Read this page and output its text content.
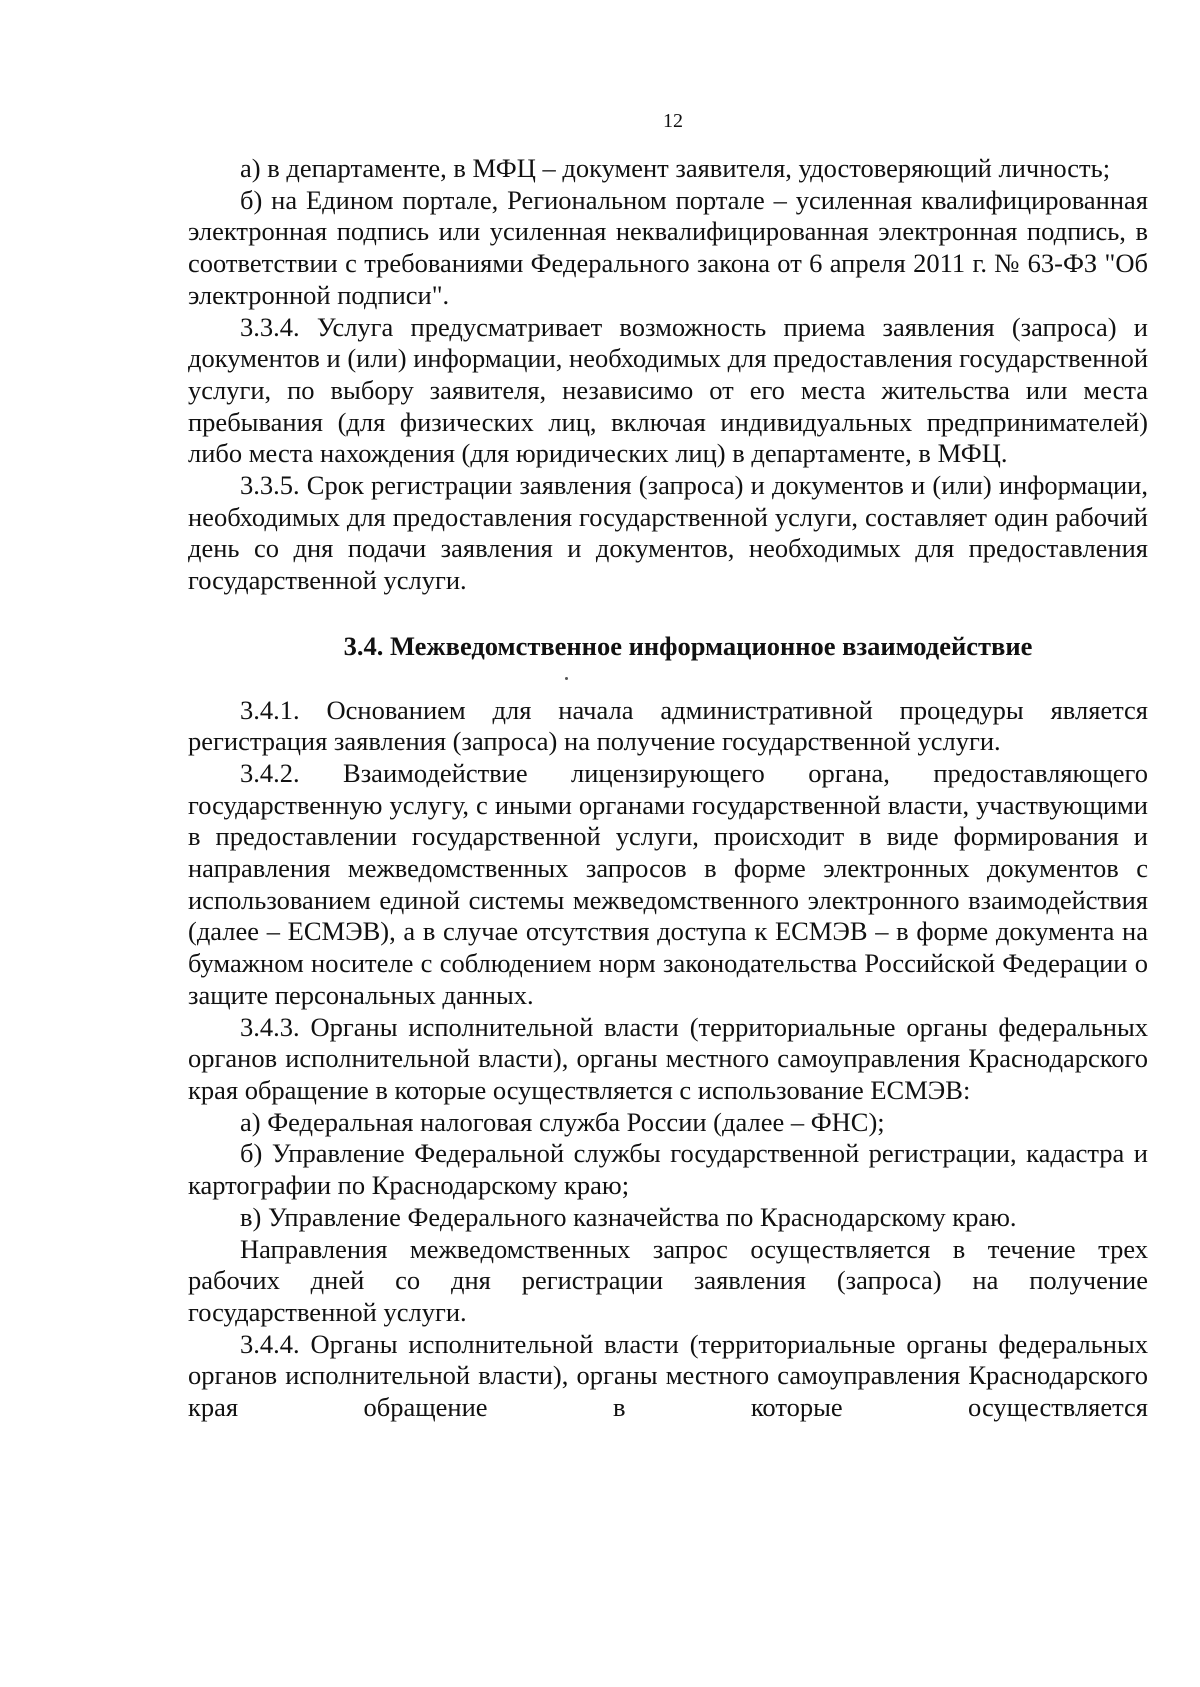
12

а) в департаменте, в МФЦ – документ заявителя, удостоверяющий личность;

б) на Едином портале, Региональном портале – усиленная квалифицированная электронная подпись или усиленная неквалифицированная электронная подпись, в соответствии с требованиями Федерального закона от 6 апреля 2011 г. № 63-ФЗ "Об электронной подписи".

3.3.4. Услуга предусматривает возможность приема заявления (запроса) и документов и (или) информации, необходимых для предоставления государственной услуги, по выбору заявителя, независимо от его места жительства или места пребывания (для физических лиц, включая индивидуальных предпринимателей) либо места нахождения (для юридических лиц) в департаменте, в МФЦ.

3.3.5. Срок регистрации заявления (запроса) и документов и (или) информации, необходимых для предоставления государственной услуги, составляет один рабочий день со дня подачи заявления и документов, необходимых для предоставления государственной услуги.

3.4. Межведомственное информационное взаимодействие

3.4.1. Основанием для начала административной процедуры является регистрация заявления (запроса) на получение государственной услуги.

3.4.2. Взаимодействие лицензирующего органа, предоставляющего государственную услугу, с иными органами государственной власти, участвующими в предоставлении государственной услуги, происходит в виде формирования и направления межведомственных запросов в форме электронных документов с использованием единой системы межведомственного электронного взаимодействия (далее – ЕСМЭВ), а в случае отсутствия доступа к ЕСМЭВ – в форме документа на бумажном носителе с соблюдением норм законодательства Российской Федерации о защите персональных данных.

3.4.3. Органы исполнительной власти (территориальные органы федеральных органов исполнительной власти), органы местного самоуправления Краснодарского края обращение в которые осуществляется с использование ЕСМЭВ:

а) Федеральная налоговая служба России (далее – ФНС);

б) Управление Федеральной службы государственной регистрации, кадастра и картографии по Краснодарскому краю;

в) Управление Федерального казначейства по Краснодарскому краю.

Направления межведомственных запрос осуществляется в течение трех рабочих дней со дня регистрации заявления (запроса) на получение государственной услуги.

3.4.4. Органы исполнительной власти (территориальные органы федеральных органов исполнительной власти), органы местного самоуправления Краснодарского края обращение в которые осуществляется
